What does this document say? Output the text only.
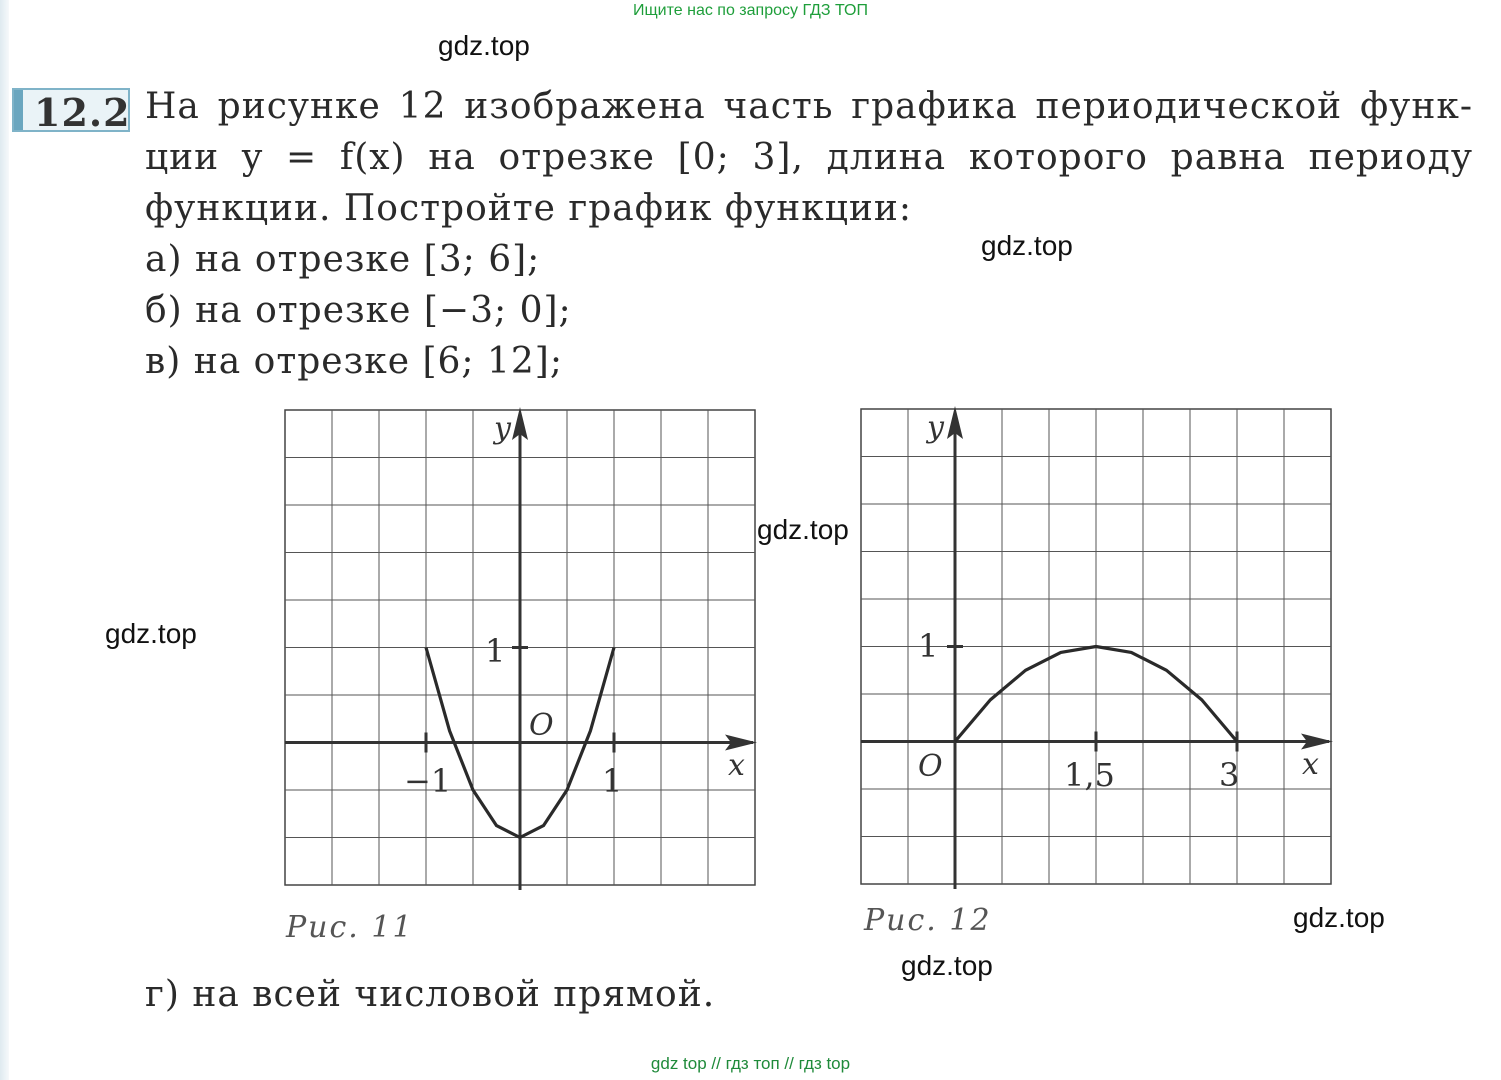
Ищите нас по запросу ГДЗ ТОП
gdz.top
gdz.top
gdz.top
gdz.top
gdz.top
gdz.top
12.2 На рисунке 12 изображена часть графика периодической функ-
ции y = f(x) на отрезке [0; 3], длина которого равна периоду
функции. Постройте график функции:
а) на отрезке [3; 6];
б) на отрезке [−3; 0];
в) на отрезке [6; 12];
y
x
O
−1	1
1
y
x
O	1,5	3
1
Рис. 11	Рис. 12
г) на всей числовой прямой.
gdz top // гдз топ // гдз top
